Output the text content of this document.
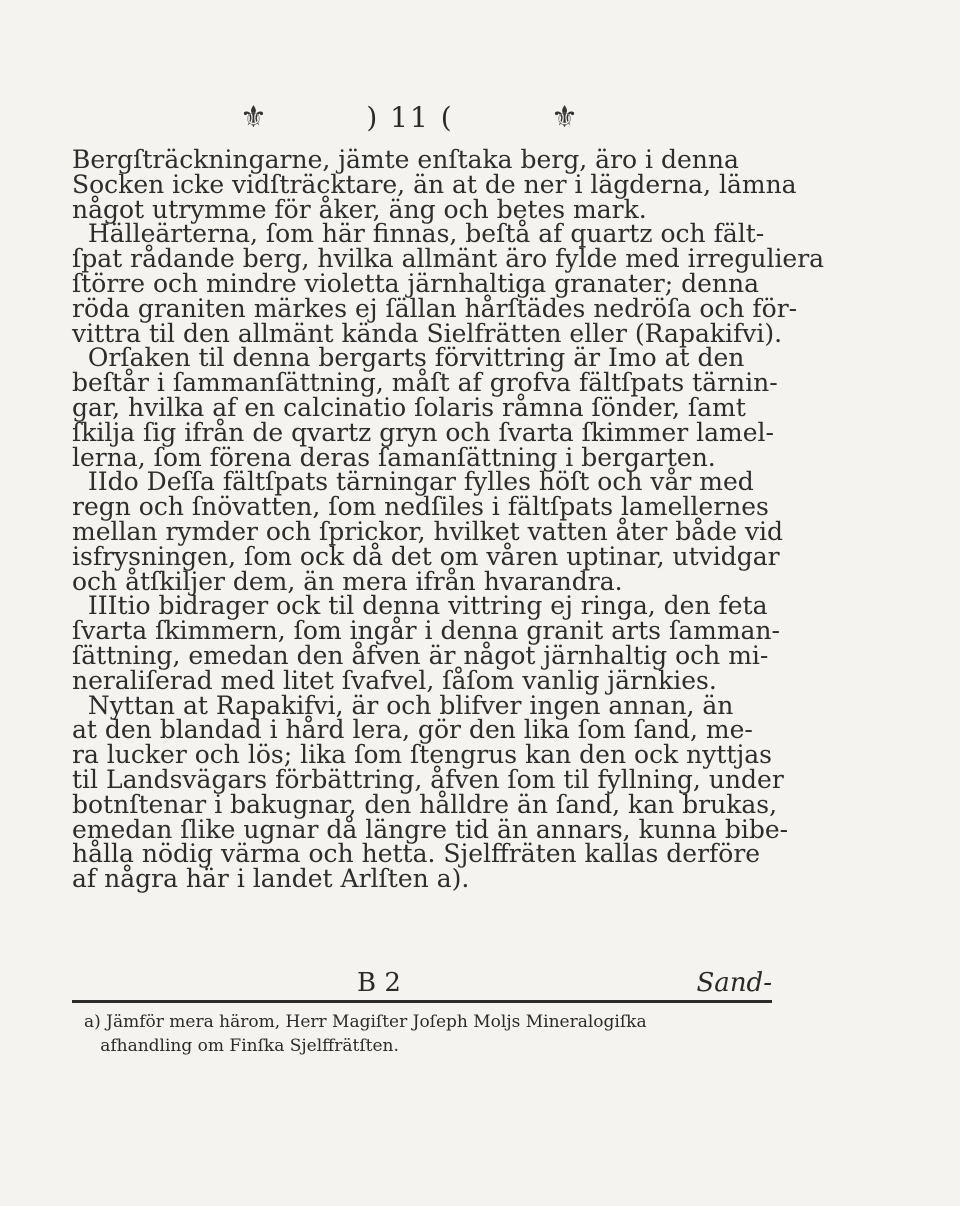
⚜	) 11 (	⚜
Bergſträckningarne, jämte enſtaka berg, äro i denna
Socken icke vidſträcktare, än at de ner i lägderna, lämna
något utrymme för åker, äng och betes mark.
Hälleärterna, ſom här finnas, beſtå af quartz och fält-
ſpat rådande berg, hvilka allmänt äro fylde med irreguliera
ſtörre och mindre violetta järnhaltiga granater; denna
röda graniten märkes ej ſällan hårſtädes nedröſa och för-
vittra til den allmänt kända Sielfrätten eller (Rapakifvi).
Orſaken til denna bergarts förvittring är Imo at den
beſtår i ſammanſättning, måſt af grofva fältſpats tärnin-
gar, hvilka af en calcinatio ſolaris råmna ſönder, ſamt
ſkilja ſig ifrån de qvartz gryn och ſvarta ſkimmer lamel-
lerna, ſom förena deras ſamanſättning i bergarten.
IIdo Deſſa fältſpats tärningar fylles höſt och vår med
regn och ſnövatten, ſom nedſiles i fältſpats lamellernes
mellan rymder och ſprickor, hvilket vatten åter både vid
isfrysningen, ſom ock då det om våren uptinar, utvidgar
och åtſkiljer dem, än mera ifrån hvarandra.
IIItio bidrager ock til denna vittring ej ringa, den feta
ſvarta ſkimmern, ſom ingår i denna granit arts ſamman-
ſättning, emedan den åfven är något järnhaltig och mi-
neraliſerad med litet ſvafvel, ſåſom vanlig järnkies.
Nyttan at Rapakifvi, är och blifver ingen annan, än
at den blandad i hård lera, gör den lika ſom ſand, me-
ra lucker och lös; lika ſom ſtengrus kan den ock nyttjas
til Landsvägars förbättring, åfven ſom til fyllning, under
botnſtenar i bakugnar, den hålldre än ſand, kan brukas,
emedan ſlike ugnar då längre tid än annars, kunna bibe-
hålla nödig värma och hetta. Sjelffräten kallas derföre
af några här i landet Arlſten a).
B 2	Sand-
a) Jämför mera härom, Herr Magiſter Joſeph Moljs Mineralogiſka
afhandling om Finſka Sjelffrätſten.
